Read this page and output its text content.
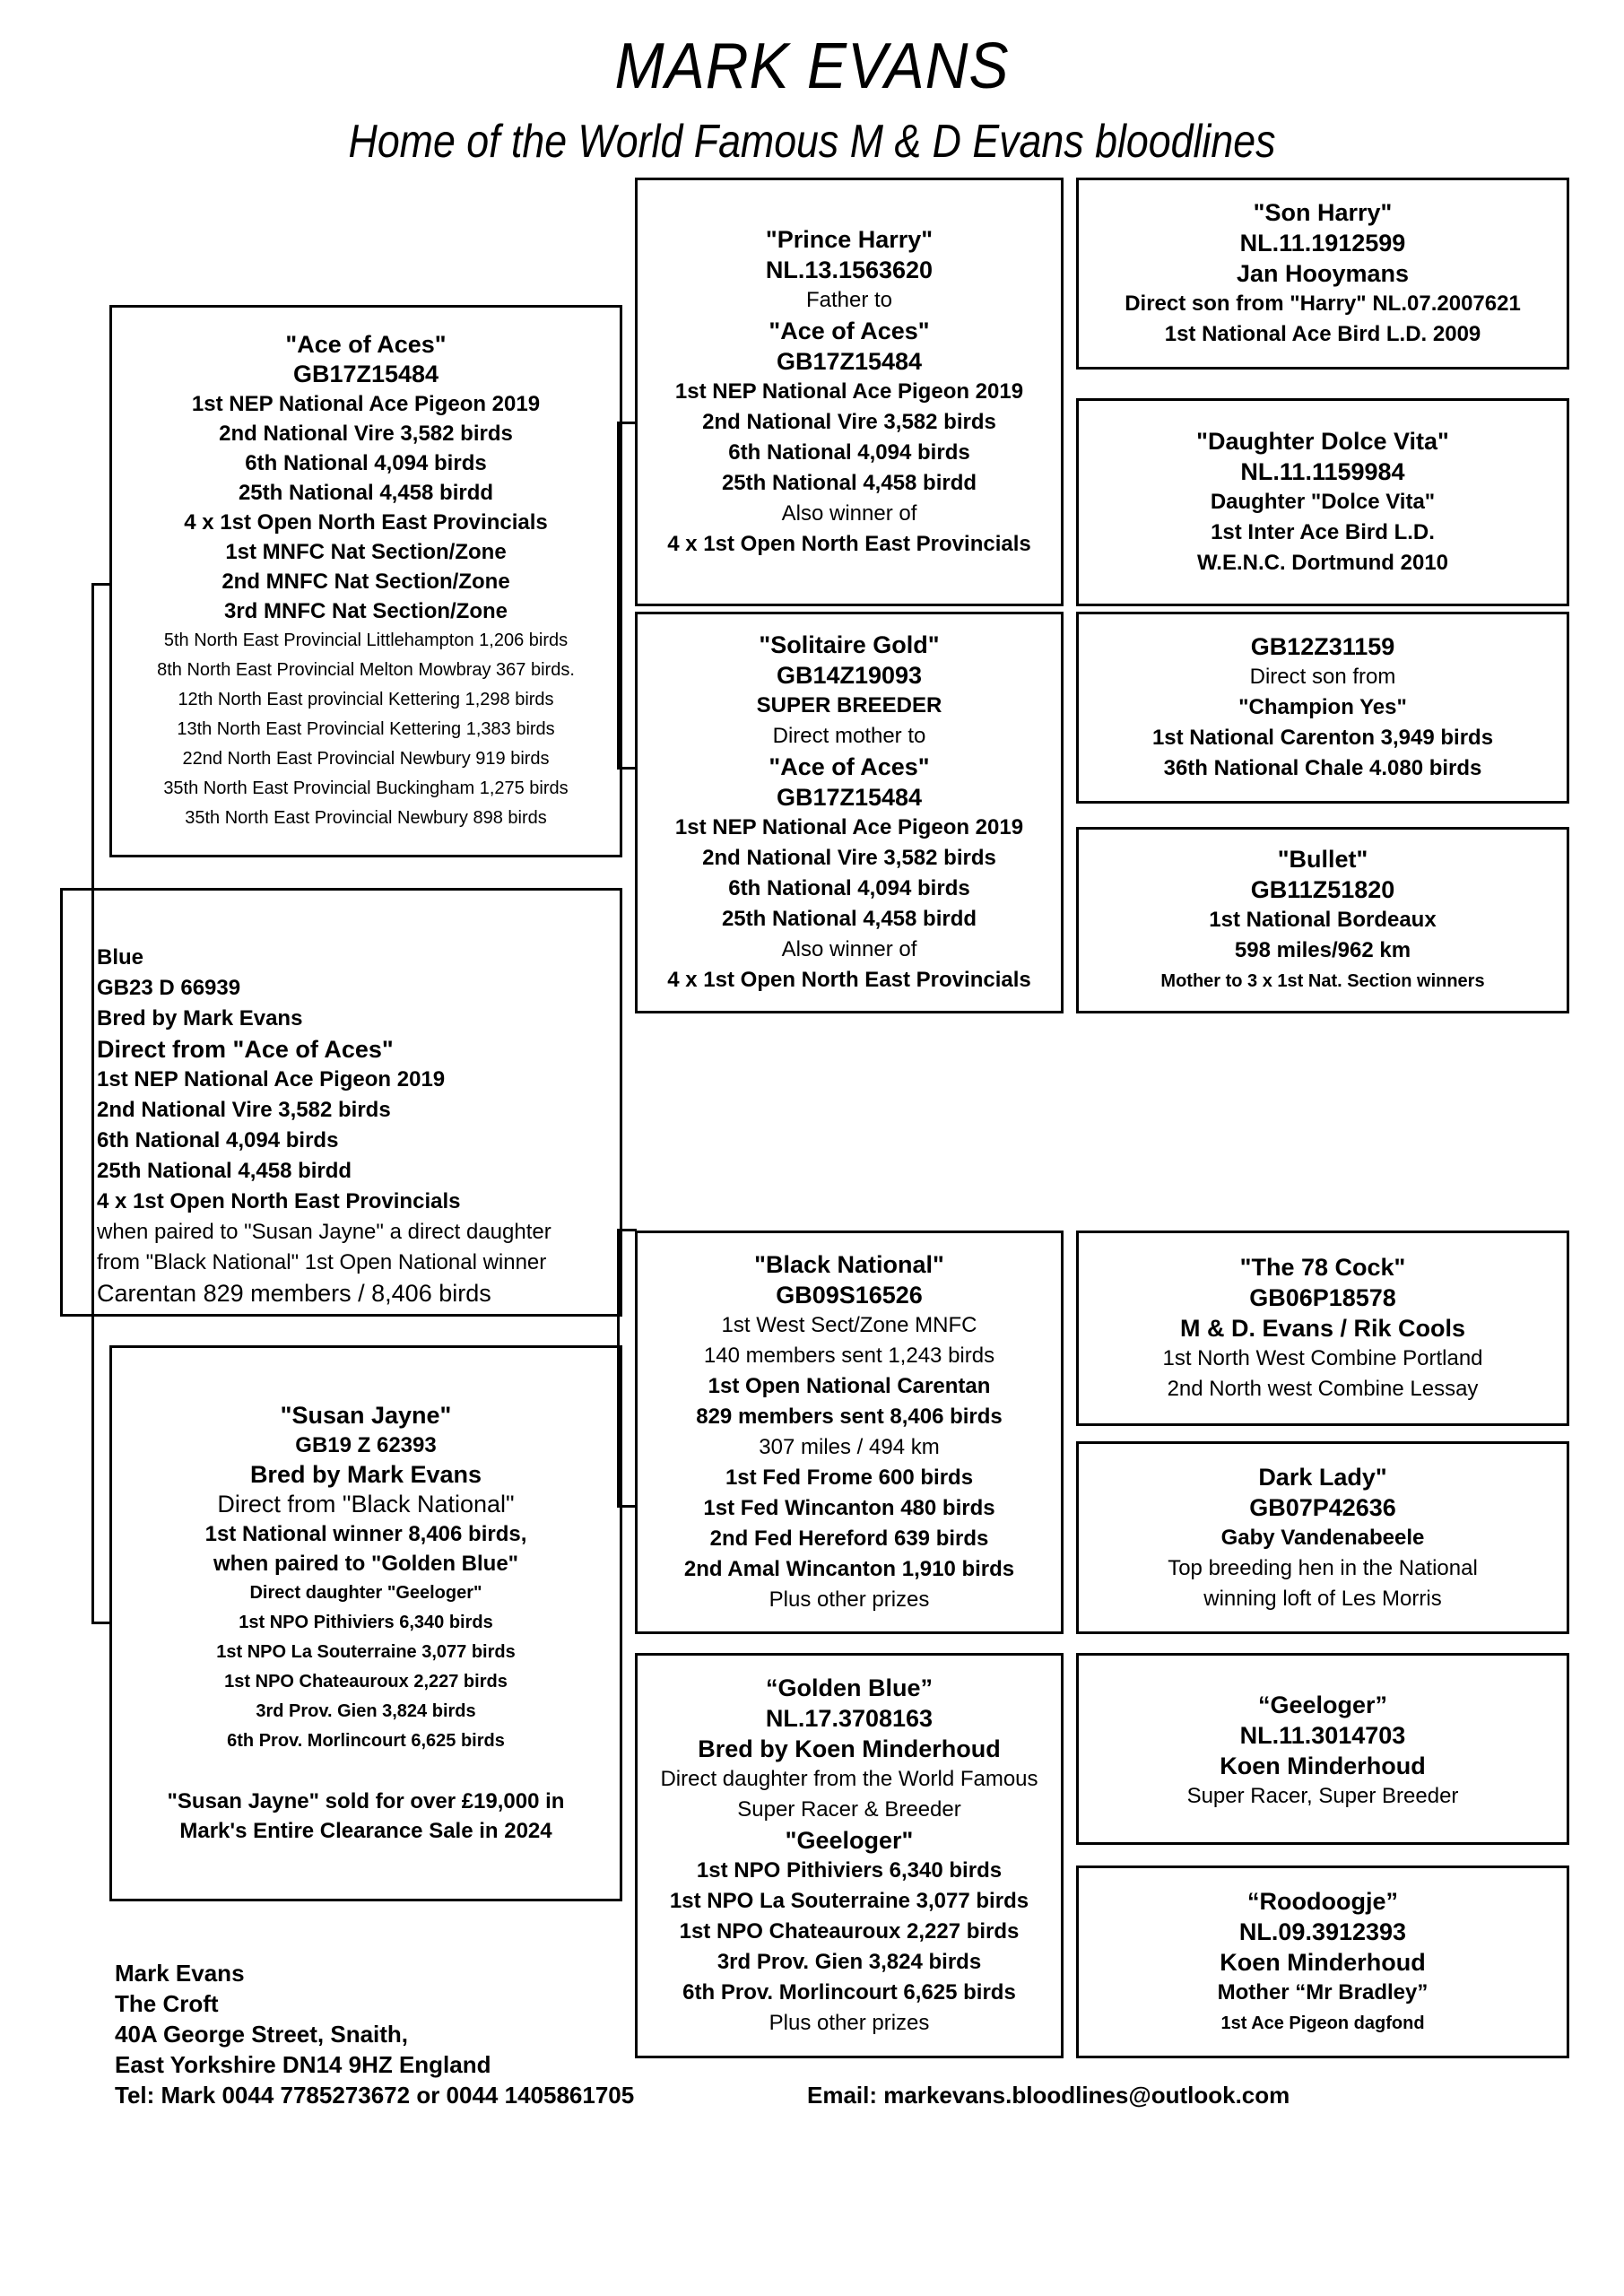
MARK EVANS
Home of the World Famous M & D Evans bloodlines
"Ace of Aces"
GB17Z15484
1st NEP National Ace Pigeon 2019
2nd National Vire 3,582 birds
6th National 4,094 birds
25th National 4,458 birdd
4 x 1st Open North East Provincials
1st MNFC Nat Section/Zone
2nd MNFC Nat Section/Zone
3rd MNFC Nat Section/Zone
5th North East Provincial Littlehampton 1,206 birds
8th North East Provincial Melton Mowbray 367 birds.
12th North East provincial Kettering 1,298 birds
13th North East Provincial Kettering 1,383 birds
22nd North East Provincial Newbury 919 birds
35th North East Provincial Buckingham 1,275 birds
35th North East Provincial Newbury 898 birds
Blue
GB23 D 66939
Bred by Mark Evans
Direct from "Ace of Aces"
1st NEP National Ace Pigeon 2019
2nd National Vire 3,582 birds
6th National 4,094 birds
25th National 4,458 birdd
4 x 1st Open North East Provincials
when paired to "Susan Jayne" a direct daughter
from "Black National" 1st Open National winner
Carentan 829 members / 8,406 birds
"Susan Jayne"
GB19 Z 62393
Bred by Mark Evans
Direct from "Black National"
1st National winner 8,406 birds,
when paired to "Golden Blue"
Direct daughter "Geeloger"
1st NPO Pithiviers 6,340 birds
1st NPO La Souterraine 3,077 birds
1st NPO Chateauroux 2,227 birds
3rd Prov. Gien 3,824 birds
6th Prov. Morlincourt 6,625 birds
"Susan Jayne" sold for over £19,000 in
Mark's Entire Clearance Sale in 2024
"Prince Harry"
NL.13.1563620
Father to
"Ace of Aces"
GB17Z15484
1st NEP National Ace Pigeon 2019
2nd National Vire 3,582 birds
6th National 4,094 birds
25th National 4,458 birdd
Also winner of
4 x 1st Open North East Provincials
"Solitaire Gold"
GB14Z19093
SUPER BREEDER
Direct mother to
"Ace of Aces"
GB17Z15484
1st NEP National Ace Pigeon 2019
2nd National Vire 3,582 birds
6th National 4,094 birds
25th National 4,458 birdd
Also winner of
4 x 1st Open North East Provincials
"Black National"
GB09S16526
1st West Sect/Zone MNFC
140 members sent 1,243 birds
1st Open National Carentan
829 members sent 8,406 birds
307 miles / 494 km
1st Fed Frome 600 birds
1st Fed Wincanton 480 birds
2nd Fed Hereford 639 birds
2nd Amal Wincanton 1,910 birds
Plus other prizes
“Golden Blue”
NL.17.3708163
Bred by Koen Minderhoud
Direct daughter from the World Famous
Super Racer & Breeder
"Geeloger"
1st NPO Pithiviers 6,340 birds
1st NPO La Souterraine 3,077 birds
1st NPO Chateauroux 2,227 birds
3rd Prov. Gien 3,824 birds
6th Prov. Morlincourt 6,625 birds
Plus other prizes
"Son Harry"
NL.11.1912599
Jan Hooymans
Direct son from "Harry" NL.07.2007621
1st National Ace Bird L.D. 2009
"Daughter Dolce Vita"
NL.11.1159984
Daughter "Dolce Vita"
1st Inter Ace Bird L.D.
W.E.N.C. Dortmund 2010
GB12Z31159
Direct son from
"Champion Yes"
1st National Carenton 3,949 birds
36th National Chale 4.080 birds
"Bullet"
GB11Z51820
1st National Bordeaux
598 miles/962 km
Mother to 3 x 1st Nat. Section winners
"The 78 Cock"
GB06P18578
M & D. Evans / Rik Cools
1st North West Combine Portland
2nd North west Combine Lessay
Dark Lady"
GB07P42636
Gaby Vandenabeele
Top breeding hen in the National
winning loft of Les Morris
“Geeloger”
NL.11.3014703
Koen Minderhoud
Super Racer, Super Breeder
“Roodoogje”
NL.09.3912393
Koen Minderhoud
Mother “Mr Bradley”
1st Ace Pigeon dagfond
Mark Evans
The Croft
40A George Street, Snaith,
East Yorkshire DN14 9HZ England
Tel: Mark 0044 7785273672 or 0044 1405861705	Email: markevans.bloodlines@outlook.com
